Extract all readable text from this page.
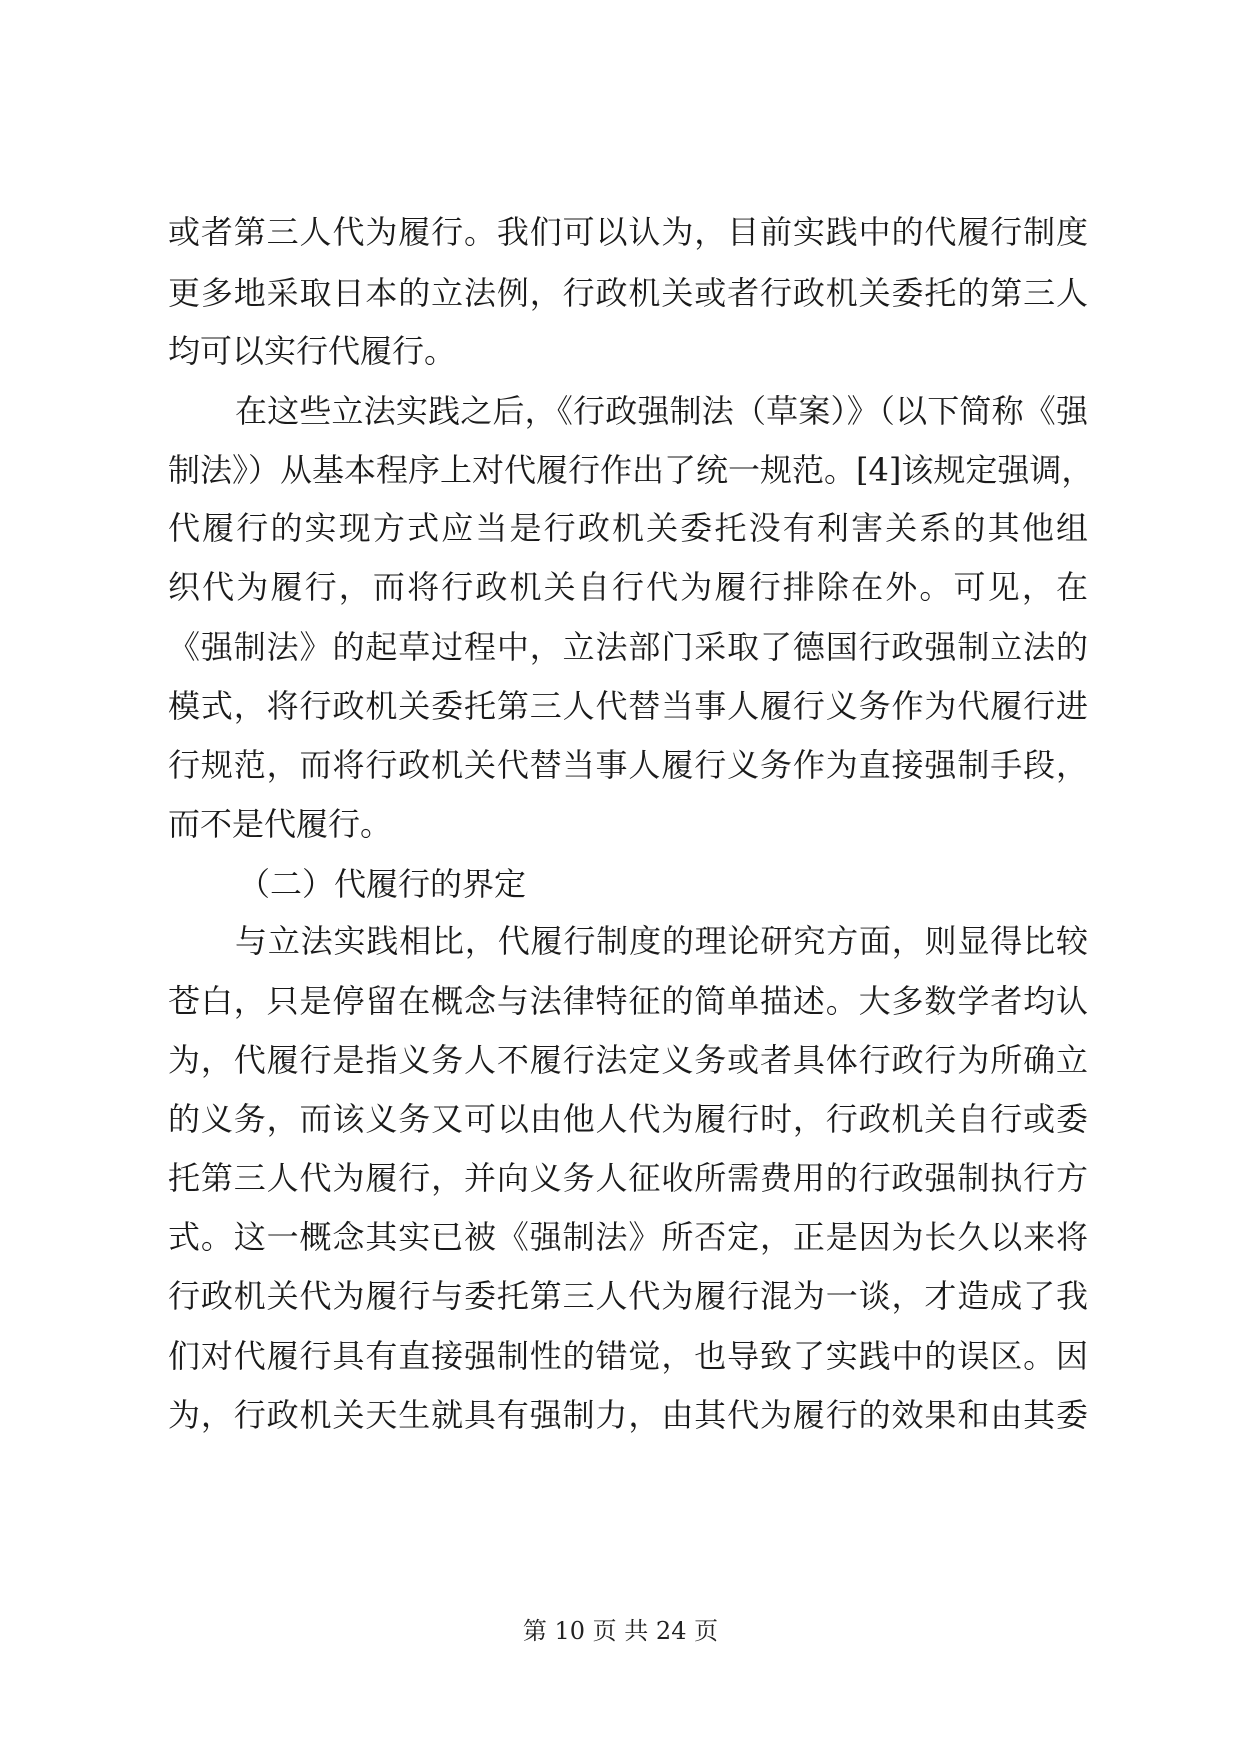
或者第三人代为履行。我们可以认为，目前实践中的代履行制度
更多地采取日本的立法例，行政机关或者行政机关委托的第三人
均可以实行代履行。
在这些立法实践之后，《行政强制法（草案）》（以下简称《强
制法》）从基本程序上对代履行作出了统一规范。[4]该规定强调，
代履行的实现方式应当是行政机关委托没有利害关系的其他组
织代为履行，而将行政机关自行代为履行排除在外。可见，在
《强制法》的起草过程中，立法部门采取了德国行政强制立法的
模式，将行政机关委托第三人代替当事人履行义务作为代履行进
行规范，而将行政机关代替当事人履行义务作为直接强制手段，
而不是代履行。
（二）代履行的界定
与立法实践相比，代履行制度的理论研究方面，则显得比较
苍白，只是停留在概念与法律特征的简单描述。大多数学者均认
为，代履行是指义务人不履行法定义务或者具体行政行为所确立
的义务，而该义务又可以由他人代为履行时，行政机关自行或委
托第三人代为履行，并向义务人征收所需费用的行政强制执行方
式。这一概念其实已被《强制法》所否定，正是因为长久以来将
行政机关代为履行与委托第三人代为履行混为一谈，才造成了我
们对代履行具有直接强制性的错觉，也导致了实践中的误区。因
为，行政机关天生就具有强制力，由其代为履行的效果和由其委
第 10 页 共 24 页
